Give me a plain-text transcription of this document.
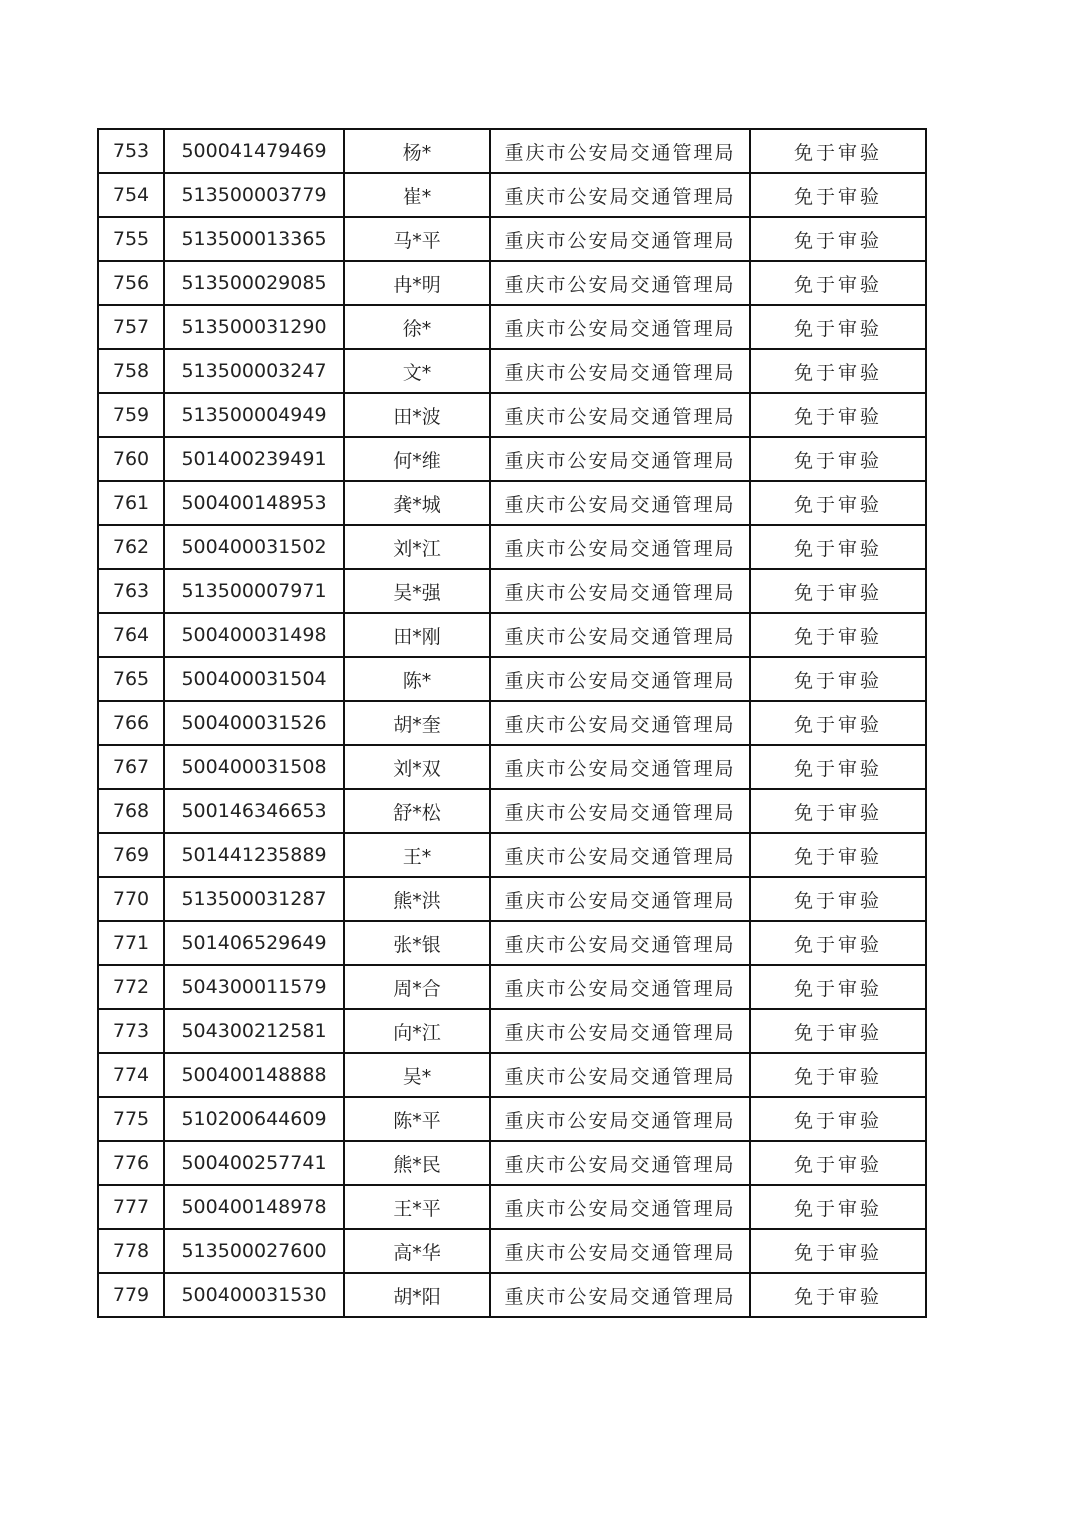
753	500041479469	杨*	重庆市公安局交通管理局	免于审验
754	513500003779	崔*	重庆市公安局交通管理局	免于审验
755	513500013365	马*平	重庆市公安局交通管理局	免于审验
756	513500029085	冉*明	重庆市公安局交通管理局	免于审验
757	513500031290	徐*	重庆市公安局交通管理局	免于审验
758	513500003247	文*	重庆市公安局交通管理局	免于审验
759	513500004949	田*波	重庆市公安局交通管理局	免于审验
760	501400239491	何*维	重庆市公安局交通管理局	免于审验
761	500400148953	龚*城	重庆市公安局交通管理局	免于审验
762	500400031502	刘*江	重庆市公安局交通管理局	免于审验
763	513500007971	吴*强	重庆市公安局交通管理局	免于审验
764	500400031498	田*刚	重庆市公安局交通管理局	免于审验
765	500400031504	陈*	重庆市公安局交通管理局	免于审验
766	500400031526	胡*奎	重庆市公安局交通管理局	免于审验
767	500400031508	刘*双	重庆市公安局交通管理局	免于审验
768	500146346653	舒*松	重庆市公安局交通管理局	免于审验
769	501441235889	王*	重庆市公安局交通管理局	免于审验
770	513500031287	熊*洪	重庆市公安局交通管理局	免于审验
771	501406529649	张*银	重庆市公安局交通管理局	免于审验
772	504300011579	周*合	重庆市公安局交通管理局	免于审验
773	504300212581	向*江	重庆市公安局交通管理局	免于审验
774	500400148888	吴*	重庆市公安局交通管理局	免于审验
775	510200644609	陈*平	重庆市公安局交通管理局	免于审验
776	500400257741	熊*民	重庆市公安局交通管理局	免于审验
777	500400148978	王*平	重庆市公安局交通管理局	免于审验
778	513500027600	高*华	重庆市公安局交通管理局	免于审验
779	500400031530	胡*阳	重庆市公安局交通管理局	免于审验
